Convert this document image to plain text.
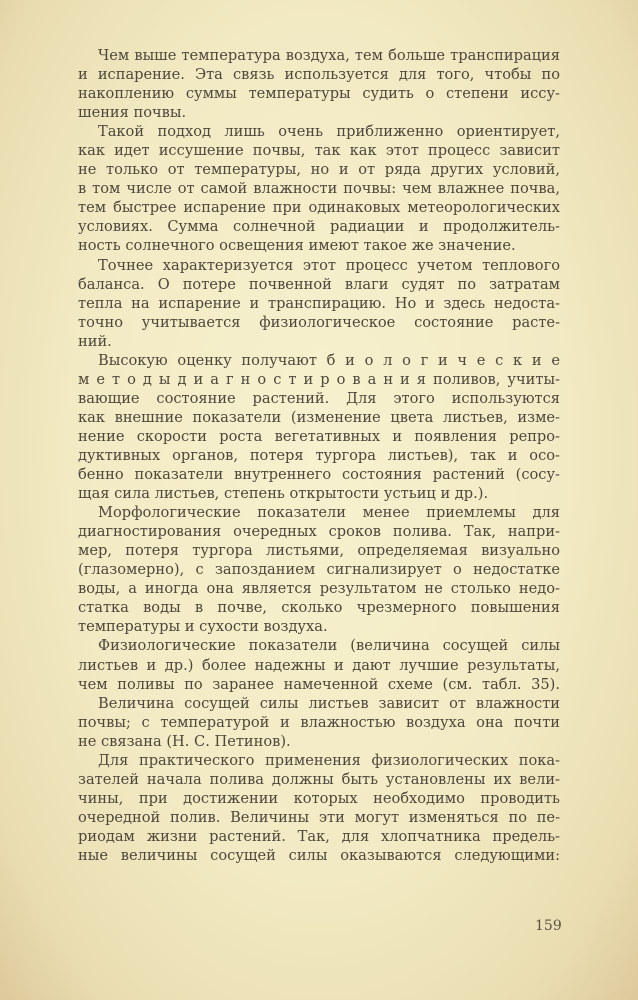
Чем выше температура воздуха, тем больше транспирация
и испарение. Эта связь используется для того, чтобы по
накоплению суммы температуры судить о степени иссу-
шения почвы.
Такой подход лишь очень приближенно ориентирует,
как идет иссушение почвы, так как этот процесс зависит
не только от температуры, но и от ряда других условий,
в том числе от самой влажности почвы: чем влажнее почва,
тем быстрее испарение при одинаковых метеорологических
условиях. Сумма солнечной радиации и продолжитель-
ность солнечного освещения имеют такое же значение.
Точнее характеризуется этот процесс учетом теплового
баланса. О потере почвенной влаги судят по затратам
тепла на испарение и транспирацию. Но и здесь недоста-
точно учитывается физиологическое состояние расте-
ний.
Высокую оценку получают б и о л о г и ч е с к и е
м е т о д ы д и а г н о с т и р о в а н и я поливов, учиты-
вающие состояние растений. Для этого используются
как внешние показатели (изменение цвета листьев, изме-
нение скорости роста вегетативных и появления репро-
дуктивных органов, потеря тургора листьев), так и осо-
бенно показатели внутреннего состояния растений (сосу-
щая сила листьев, степень открытости устьиц и др.).
Морфологические показатели менее приемлемы для
диагностирования очередных сроков полива. Так, напри-
мер, потеря тургора листьями, определяемая визуально
(глазомерно), с запозданием сигнализирует о недостатке
воды, а иногда она является результатом не столько недо-
статка воды в почве, сколько чрезмерного повышения
температуры и сухости воздуха.
Физиологические показатели (величина сосущей силы
листьев и др.) более надежны и дают лучшие результаты,
чем поливы по заранее намеченной схеме (см. табл. 35).
Величина сосущей силы листьев зависит от влажности
почвы; с температурой и влажностью воздуха она почти
не связана (Н. С. Петинов).
Для практического применения физиологических пока-
зателей начала полива должны быть установлены их вели-
чины, при достижении которых необходимо проводить
очередной полив. Величины эти могут изменяться по пе-
риодам жизни растений. Так, для хлопчатника предель-
ные величины сосущей силы оказываются следующими:
159
